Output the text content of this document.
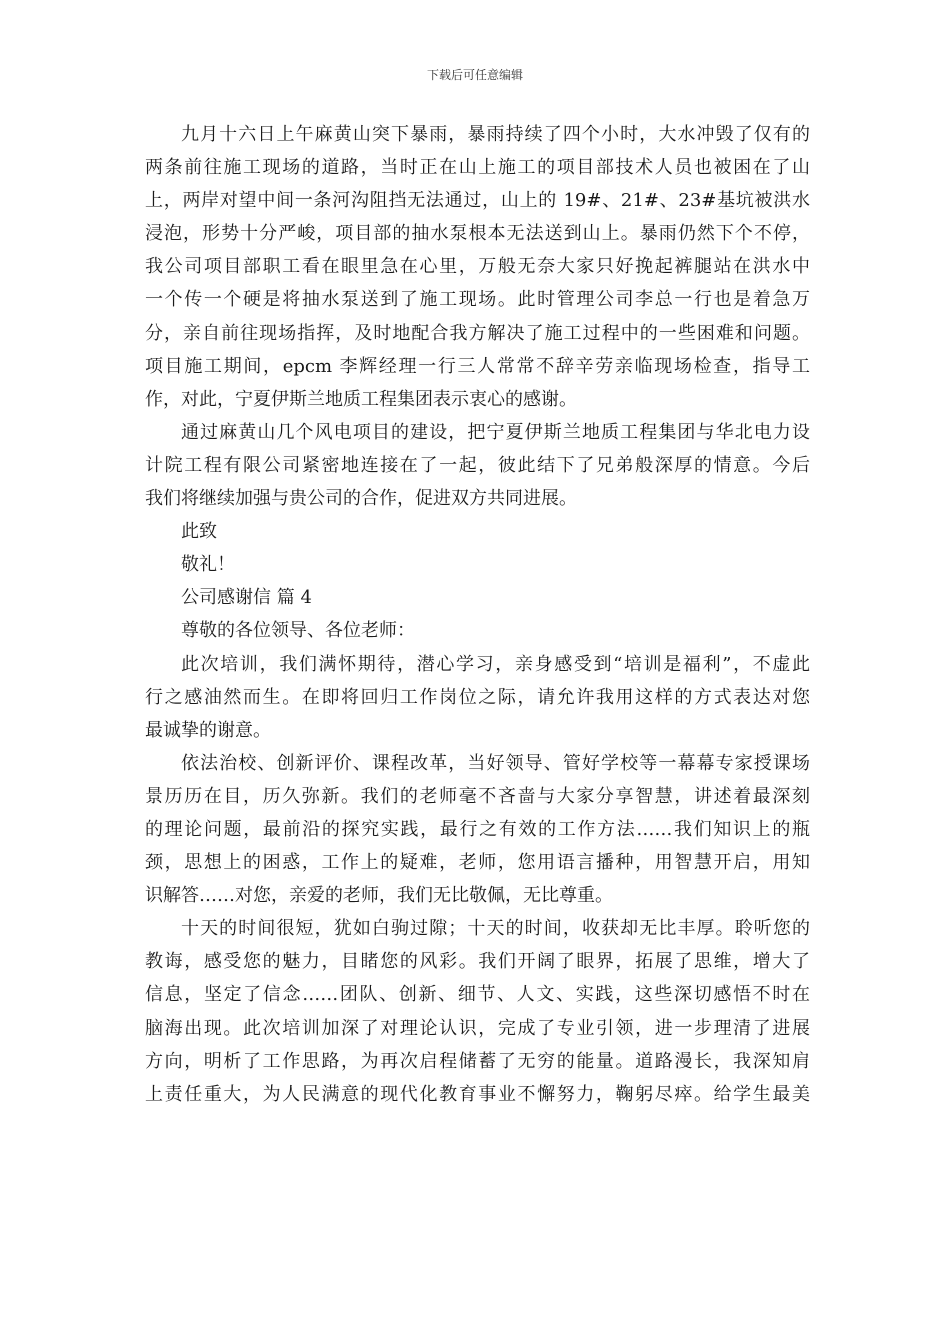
下载后可任意编辑
九月十六日上午麻黄山突下暴雨，暴雨持续了四个小时，大水冲毁了仅有的
两条前往施工现场的道路，当时正在山上施工的项目部技术人员也被困在了山
上，两岸对望中间一条河沟阻挡无法通过，山上的 19#、21#、23#基坑被洪水
浸泡，形势十分严峻，项目部的抽水泵根本无法送到山上。暴雨仍然下个不停，
我公司项目部职工看在眼里急在心里，万般无奈大家只好挽起裤腿站在洪水中
一个传一个硬是将抽水泵送到了施工现场。此时管理公司李总一行也是着急万
分，亲自前往现场指挥，及时地配合我方解决了施工过程中的一些困难和问题。
项目施工期间，epcm 李辉经理一行三人常常不辞辛劳亲临现场检查，指导工
作，对此，宁夏伊斯兰地质工程集团表示衷心的感谢。
通过麻黄山几个风电项目的建设，把宁夏伊斯兰地质工程集团与华北电力设
计院工程有限公司紧密地连接在了一起，彼此结下了兄弟般深厚的情意。今后
我们将继续加强与贵公司的合作，促进双方共同进展。
此致
敬礼！
公司感谢信 篇 4
尊敬的各位领导、各位老师：
此次培训，我们满怀期待，潜心学习，亲身感受到“培训是福利”，不虚此
行之感油然而生。在即将回归工作岗位之际，请允许我用这样的方式表达对您
最诚挚的谢意。
依法治校、创新评价、课程改革，当好领导、管好学校等一幕幕专家授课场
景历历在目，历久弥新。我们的老师毫不吝啬与大家分享智慧，讲述着最深刻
的理论问题，最前沿的探究实践，最行之有效的工作方法……我们知识上的瓶
颈，思想上的困惑，工作上的疑难，老师，您用语言播种，用智慧开启，用知
识解答……对您，亲爱的老师，我们无比敬佩，无比尊重。
十天的时间很短，犹如白驹过隙；十天的时间，收获却无比丰厚。聆听您的
教诲，感受您的魅力，目睹您的风彩。我们开阔了眼界，拓展了思维，增大了
信息，坚定了信念……团队、创新、细节、人文、实践，这些深切感悟不时在
脑海出现。此次培训加深了对理论认识，完成了专业引领，进一步理清了进展
方向，明析了工作思路，为再次启程储蓄了无穷的能量。道路漫长，我深知肩
上责任重大，为人民满意的现代化教育事业不懈努力，鞠躬尽瘁。给学生最美
